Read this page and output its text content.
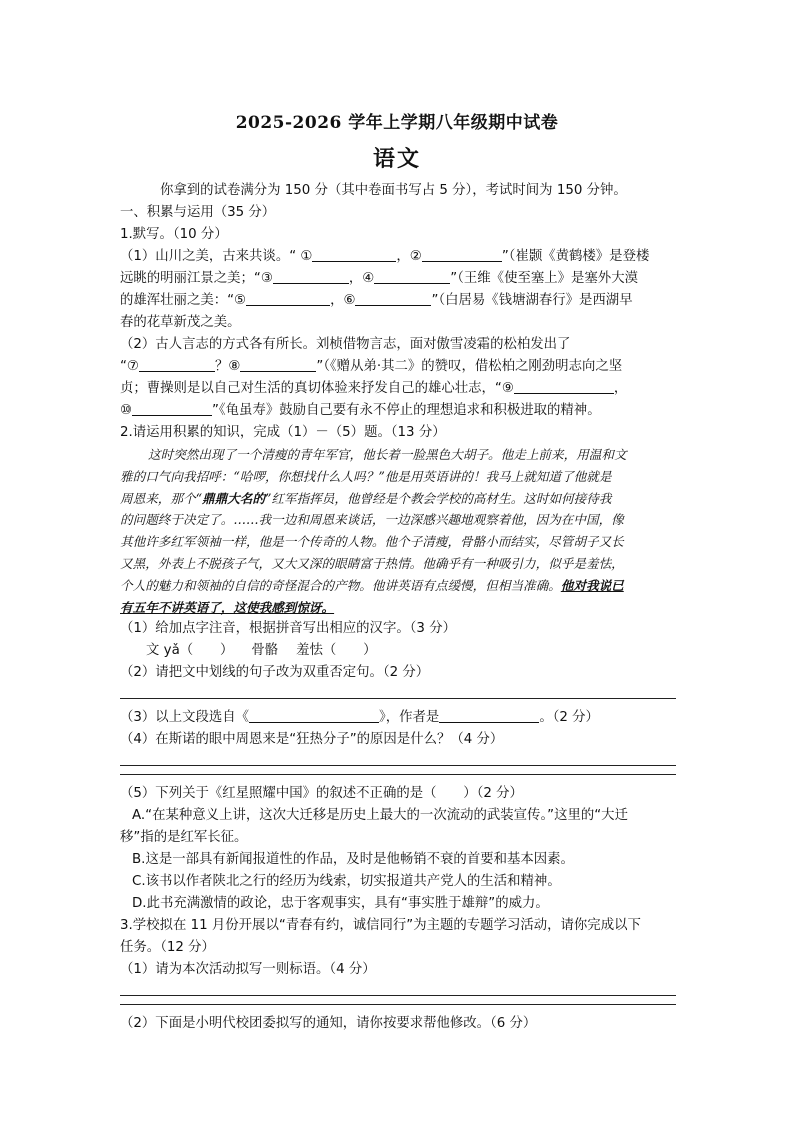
2025-2026 学年上学期八年级期中试卷
语文
你拿到的试卷满分为 150 分（其中卷面书写占 5 分），考试时间为 150 分钟。
一、积累与运用（35 分）
1.默写。（10 分）
（1）山川之美，古来共谈。“ ①	，②	”（崔颢《黄鹤楼》是登楼
远眺的明丽江景之美；“③	，④	”（王维《使至塞上》是塞外大漠
的雄浑壮丽之美：“⑤	，⑥	”（白居易《钱塘湖春行》是西湖早
春的花草新茂之美。
（2）古人言志的方式各有所长。刘桢借物言志，面对傲雪凌霜的松柏发出了
“⑦	？⑧	”（《赠从弟·其二》的赞叹，借松柏之刚劲明志向之坚
贞；曹操则是以自己对生活的真切体验来抒发自己的雄心壮志，“⑨	，
⑩	”《龟虽寿》鼓励自己要有永不停止的理想追求和积极进取的精神。
2.请运用积累的知识，完成（1）－（5）题。（13 分）
这时突然出现了一个清瘦的青年军官，他长着一脸黑色大胡子。他走上前来，用温和文
雅的口气向我招呼：“哈啰，你想找什么人吗？”他是用英语讲的！我马上就知道了他就是
周恩来，那个“鼎鼎大名的”红军指挥员，他曾经是个教会学校的高材生。这时如何接待我
的问题终于决定了。……我一边和周恩来谈话，一边深感兴趣地观察着他，因为在中国，像
其他许多红军领袖一样，他是一个传奇的人物。他个子清瘦，骨骼小而结实，尽管胡子又长
又黑，外表上不脱孩子气，又大又深的眼睛富于热情。他确乎有一种吸引力，似乎是羞怯，
个人的魅力和领袖的自信的奇怪混合的产物。他讲英语有点缓慢，但相当准确。他对我说已
有五年不讲英语了，这使我感到惊讶。
（1）给加点字注音，根据拼音写出相应的汉字。（3 分）
文 yǎ（　　） 骨骼 羞怯（　　）
（2）请把文中划线的句子改为双重否定句。（2 分）
（3）以上文段选自《	》，作者是	。（2 分）
（4）在斯诺的眼中周恩来是“狂热分子”的原因是什么？（4 分）
（5）下列关于《红星照耀中国》的叙述不正确的是（　　）（2 分）
A.“在某种意义上讲，这次大迁移是历史上最大的一次流动的武装宣传。”这里的“大迁
移”指的是红军长征。
B.这是一部具有新闻报道性的作品，及时是他畅销不衰的首要和基本因素。
C.该书以作者陕北之行的经历为线索，切实报道共产党人的生活和精神。
D.此书充满激情的政论，忠于客观事实，具有“事实胜于雄辩”的威力。
3.学校拟在 11 月份开展以“青春有约，诚信同行”为主题的专题学习活动，请你完成以下
任务。（12 分）
（1）请为本次活动拟写一则标语。（4 分）
（2）下面是小明代校团委拟写的通知，请你按要求帮他修改。（6 分）
